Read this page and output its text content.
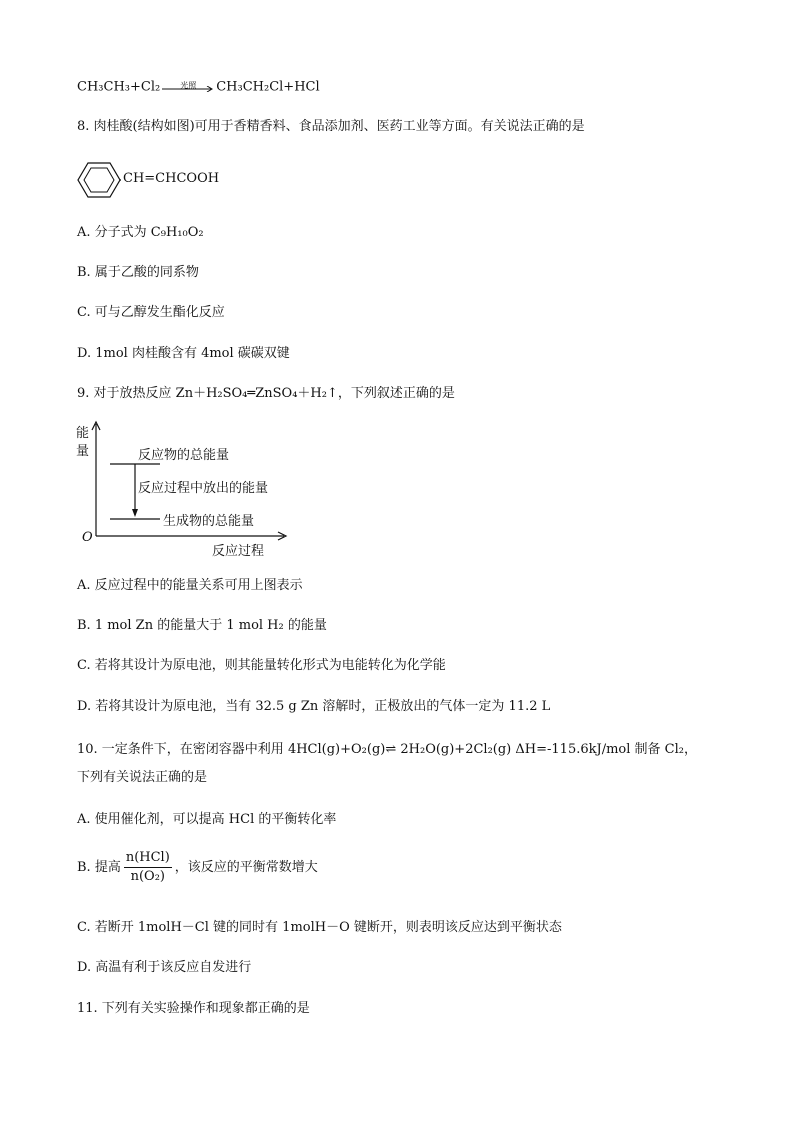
CH₃CH₃+Cl₂	光照	CH₃CH₂Cl+HCl
8. 肉桂酸(结构如图)可用于香精香料、食品添加剂、医药工业等方面。有关说法正确的是
CH=CHCOOH
A. 分子式为 C₉H₁₀O₂
B. 属于乙酸的同系物
C. 可与乙醇发生酯化反应
D. 1mol 肉桂酸含有 4mol 碳碳双键
9. 对于放热反应 Zn＋H₂SO₄═ZnSO₄＋H₂↑，下列叙述正确的是
能
量
O
反应过程
反应物的总能量
反应过程中放出的能量
生成物的总能量
A. 反应过程中的能量关系可用上图表示
B. 1 mol Zn 的能量大于 1 mol H₂ 的能量
C. 若将其设计为原电池，则其能量转化形式为电能转化为化学能
D. 若将其设计为原电池，当有 32.5 g Zn 溶解时，正极放出的气体一定为 11.2 L
10. 一定条件下，在密闭容器中利用 4HCl(g)+O₂(g)⇌ 2H₂O(g)+2Cl₂(g) ΔH=-115.6kJ/mol 制备 Cl₂，
下列有关说法正确的是
A. 使用催化剂，可以提高 HCl 的平衡转化率
B. 提高 $\frac{\text{n(HCl)}}{\text{n(O₂)}}$ ，该反应的平衡常数增大
C. 若断开 1molH－Cl 键的同时有 1molH－O 键断开，则表明该反应达到平衡状态
D. 高温有利于该反应自发进行
11. 下列有关实验操作和现象都正确的是
